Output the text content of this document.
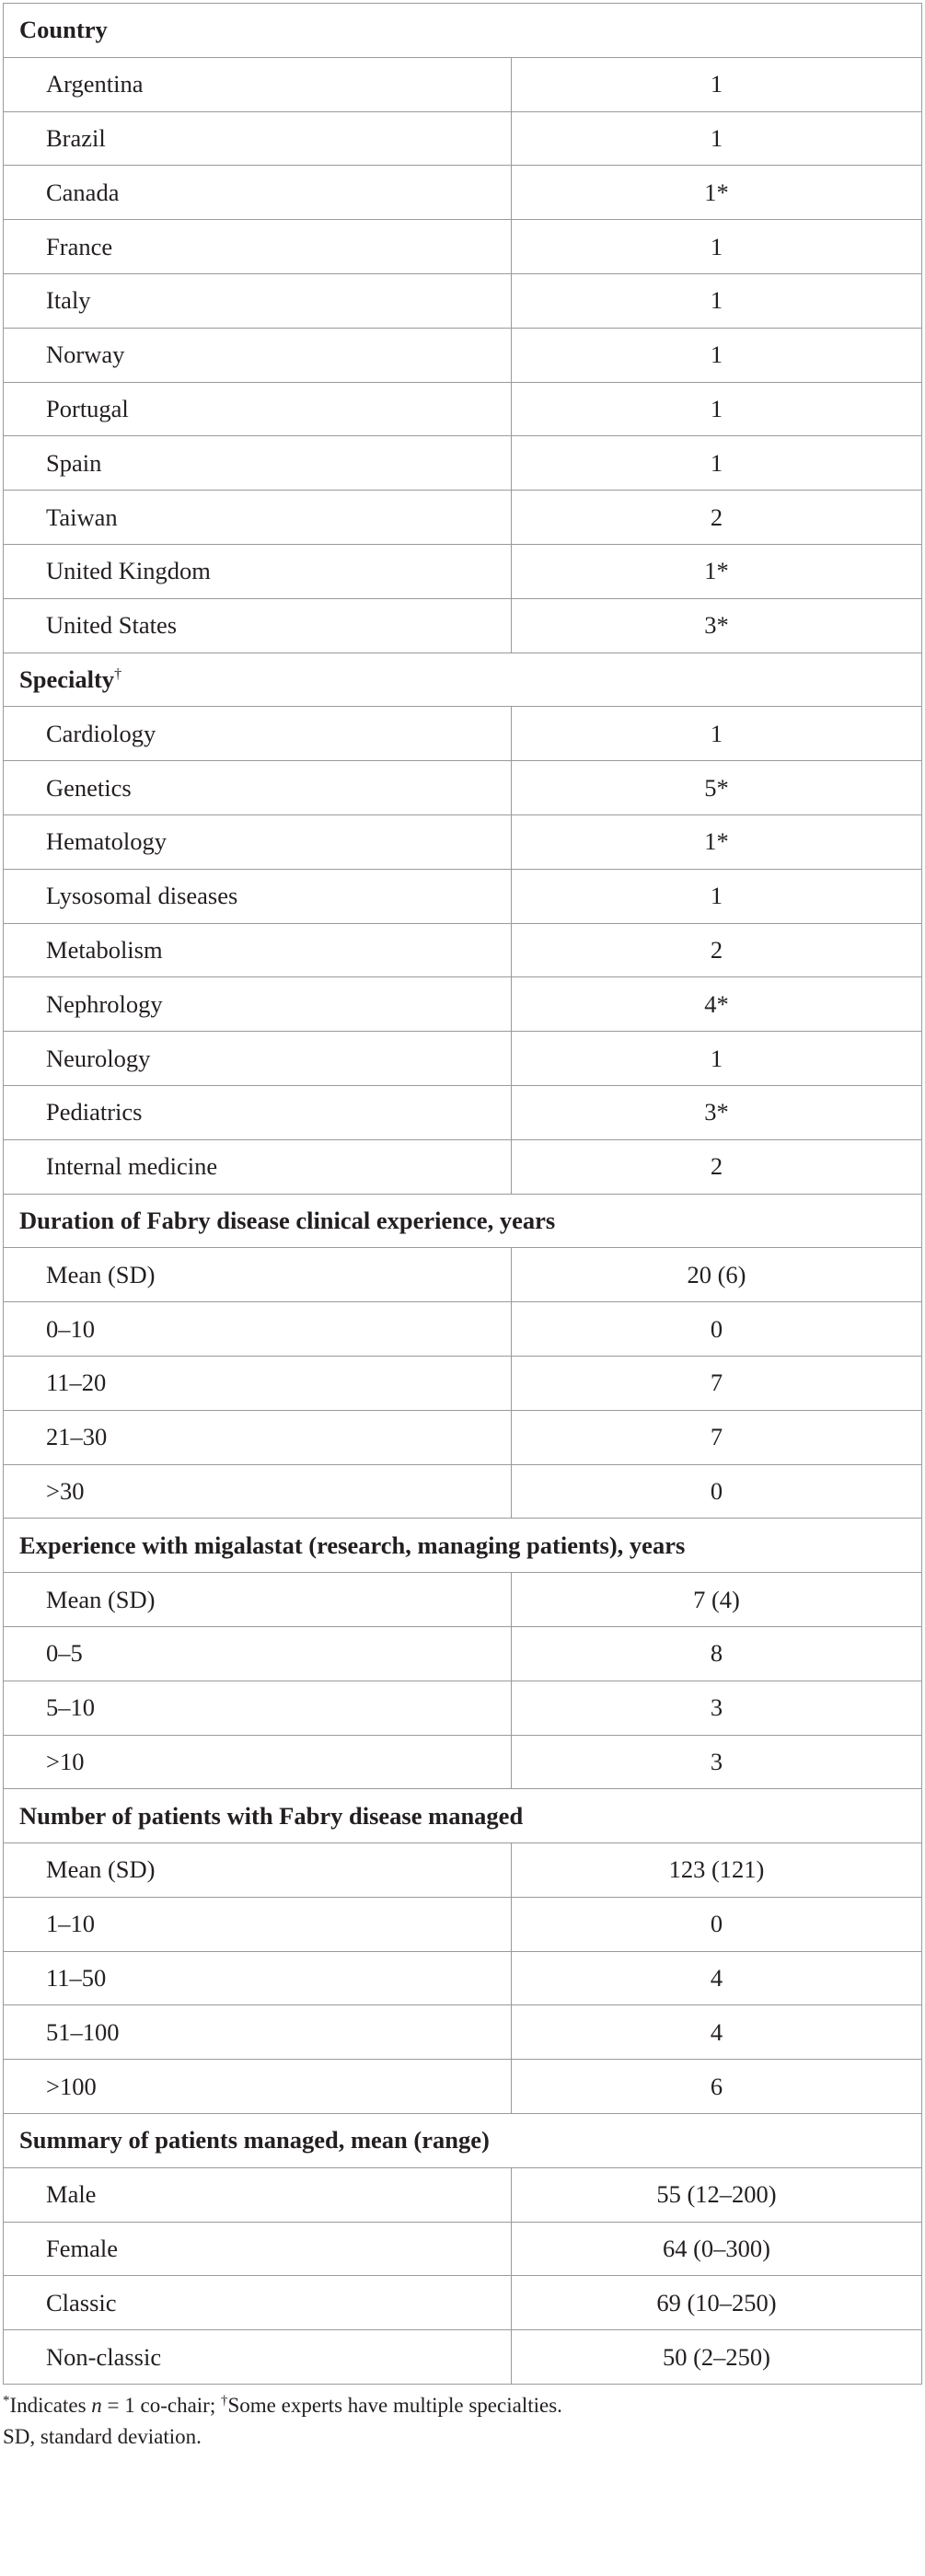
Country	
Argentina	1
Brazil	1
Canada	1*
France	1
Italy	1
Norway	1
Portugal	1
Spain	1
Taiwan	2
United Kingdom	1*
United States	3*
Specialty†
Cardiology	1
Genetics	5*
Hematology	1*
Lysosomal diseases	1
Metabolism	2
Nephrology	4*
Neurology	1
Pediatrics	3*
Internal medicine	2
Duration of Fabry disease clinical experience, years	
Mean (SD)	20 (6)
0–10	0
11–20	7
21–30	7
>30	0
Experience with migalastat (research, managing patients), years	
Mean (SD)	7 (4)
0–5	8
5–10	3
>10	3
Number of patients with Fabry disease managed	
Mean (SD)	123 (121)
1–10	0
11–50	4
51–100	4
>100	6
Summary of patients managed, mean (range)	
Male	55 (12–200)
Female	64 (0–300)
Classic	69 (10–250)
Non-classic	50 (2–250)
*Indicates n = 1 co-chair; †Some experts have multiple specialties.
SD, standard deviation.
